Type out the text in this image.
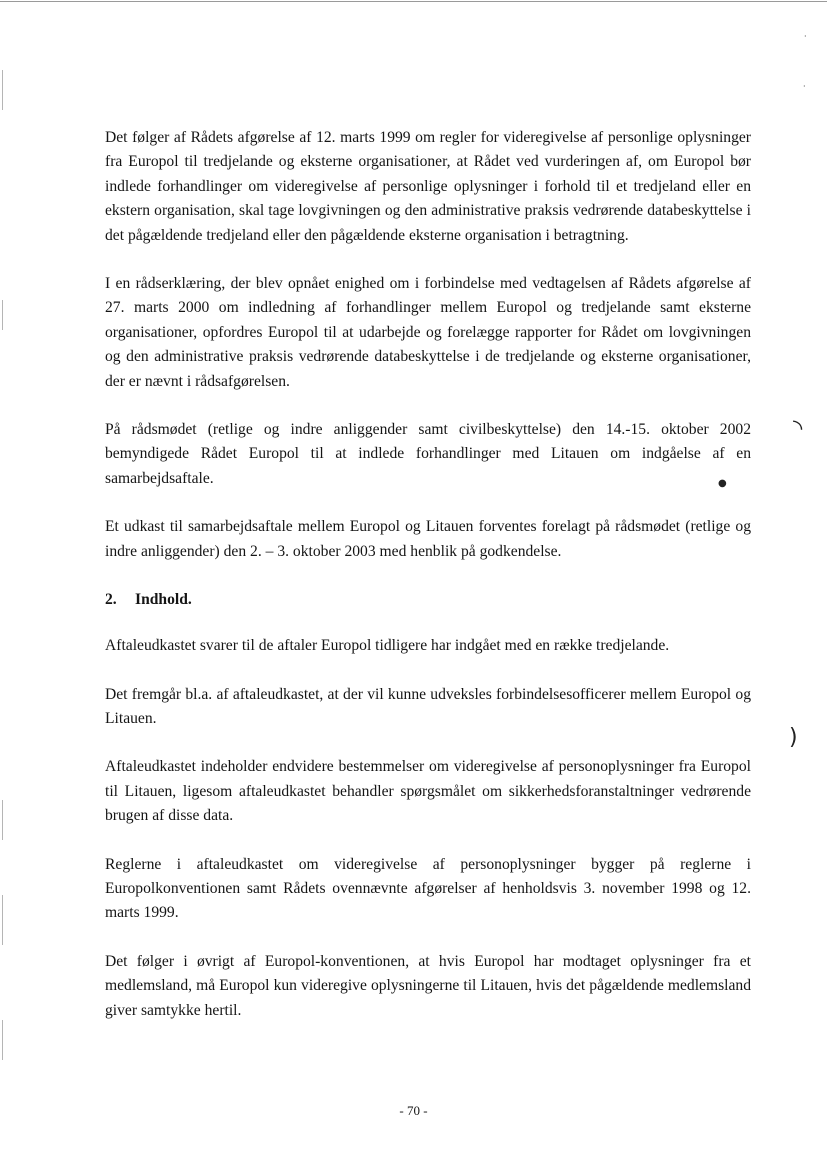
·
·
◝
●
)

Det følger af Rådets afgørelse af 12. marts 1999 om regler for videregivelse af personlige oplysninger fra Europol til tredjelande og eksterne organisationer, at Rådet ved vurderingen af, om Europol bør indlede forhandlinger om videregivelse af personlige oplysninger i forhold til et tredjeland eller en ekstern organisation, skal tage lovgivningen og den administrative praksis vedrørende databeskyttelse i det pågældende tredjeland eller den pågældende eksterne organisation i betragtning.

I en rådserklæring, der blev opnået enighed om i forbindelse med vedtagelsen af Rådets afgørelse af 27. marts 2000 om indledning af forhandlinger mellem Europol og tredjelande samt eksterne organisationer, opfordres Europol til at udarbejde og forelægge rapporter for Rådet om lovgivningen og den administrative praksis vedrørende databeskyttelse i de tredjelande og eksterne organisationer, der er nævnt i rådsafgørelsen.

På rådsmødet (retlige og indre anliggender samt civilbeskyttelse) den 14.-15. oktober 2002 bemyndigede Rådet Europol til at indlede forhandlinger med Litauen om indgåelse af en samarbejdsaftale.

Et udkast til samarbejdsaftale mellem Europol og Litauen forventes forelagt på rådsmødet (retlige og indre anliggender) den 2. – 3. oktober 2003 med henblik på godkendelse.

2. Indhold.

Aftaleudkastet svarer til de aftaler Europol tidligere har indgået med en række tredjelande.

Det fremgår bl.a. af aftaleudkastet, at der vil kunne udveksles forbindelsesofficerer mellem Europol og Litauen.

Aftaleudkastet indeholder endvidere bestemmelser om videregivelse af personoplysninger fra Europol til Litauen, ligesom aftaleudkastet behandler spørgsmålet om sikkerhedsforanstaltninger vedrørende brugen af disse data.

Reglerne i aftaleudkastet om videregivelse af personoplysninger bygger på reglerne i Europolkonventionen samt Rådets ovennævnte afgørelser af henholdsvis 3. november 1998 og 12. marts 1999.

Det følger i øvrigt af Europol-konventionen, at hvis Europol har modtaget oplysninger fra et medlemsland, må Europol kun videregive oplysningerne til Litauen, hvis det pågældende medlemsland giver samtykke hertil.

- 70 -
